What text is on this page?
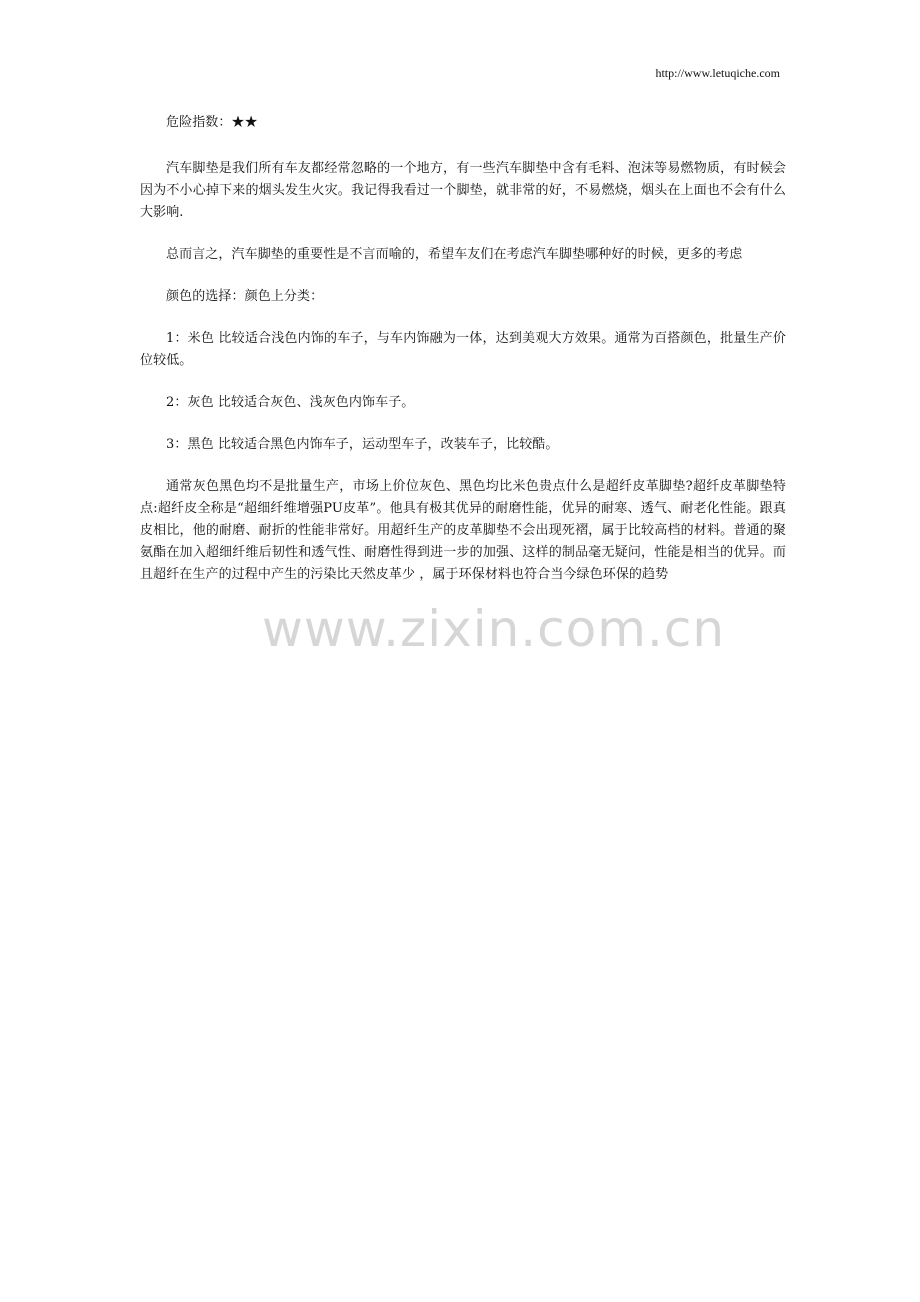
http://www.letuqiche.com

危险指数：★★

汽车脚垫是我们所有车友都经常忽略的一个地方，有一些汽车脚垫中含有毛料、泡沫等易燃物质，有时候会因为不小心掉下来的烟头发生火灾。我记得我看过一个脚垫，就非常的好，不易燃烧，烟头在上面也不会有什么大影响.

总而言之，汽车脚垫的重要性是不言而喻的，希望车友们在考虑汽车脚垫哪种好的时候，更多的考虑

颜色的选择：颜色上分类：

1：米色 比较适合浅色内饰的车子，与车内饰融为一体，达到美观大方效果。通常为百搭颜色，批量生产价位较低。

2：灰色 比较适合灰色、浅灰色内饰车子。

3：黑色 比较适合黑色内饰车子，运动型车子，改装车子，比较酷。

通常灰色黑色均不是批量生产，市场上价位灰色、黑色均比米色贵点什么是超纤皮革脚垫?超纤皮革脚垫特点:超纤皮全称是“超细纤维增强PU皮革”。他具有极其优异的耐磨性能，优异的耐寒、透气、耐老化性能。跟真皮相比，他的耐磨、耐折的性能非常好。用超纤生产的皮革脚垫不会出现死褶，属于比较高档的材料。普通的聚氨酯在加入超细纤维后韧性和透气性、耐磨性得到进一步的加强、这样的制品毫无疑问，性能是相当的优异。而且超纤在生产的过程中产生的污染比天然皮革少 ，属于环保材料也符合当今绿色环保的趋势

www.zixin.com.cn
